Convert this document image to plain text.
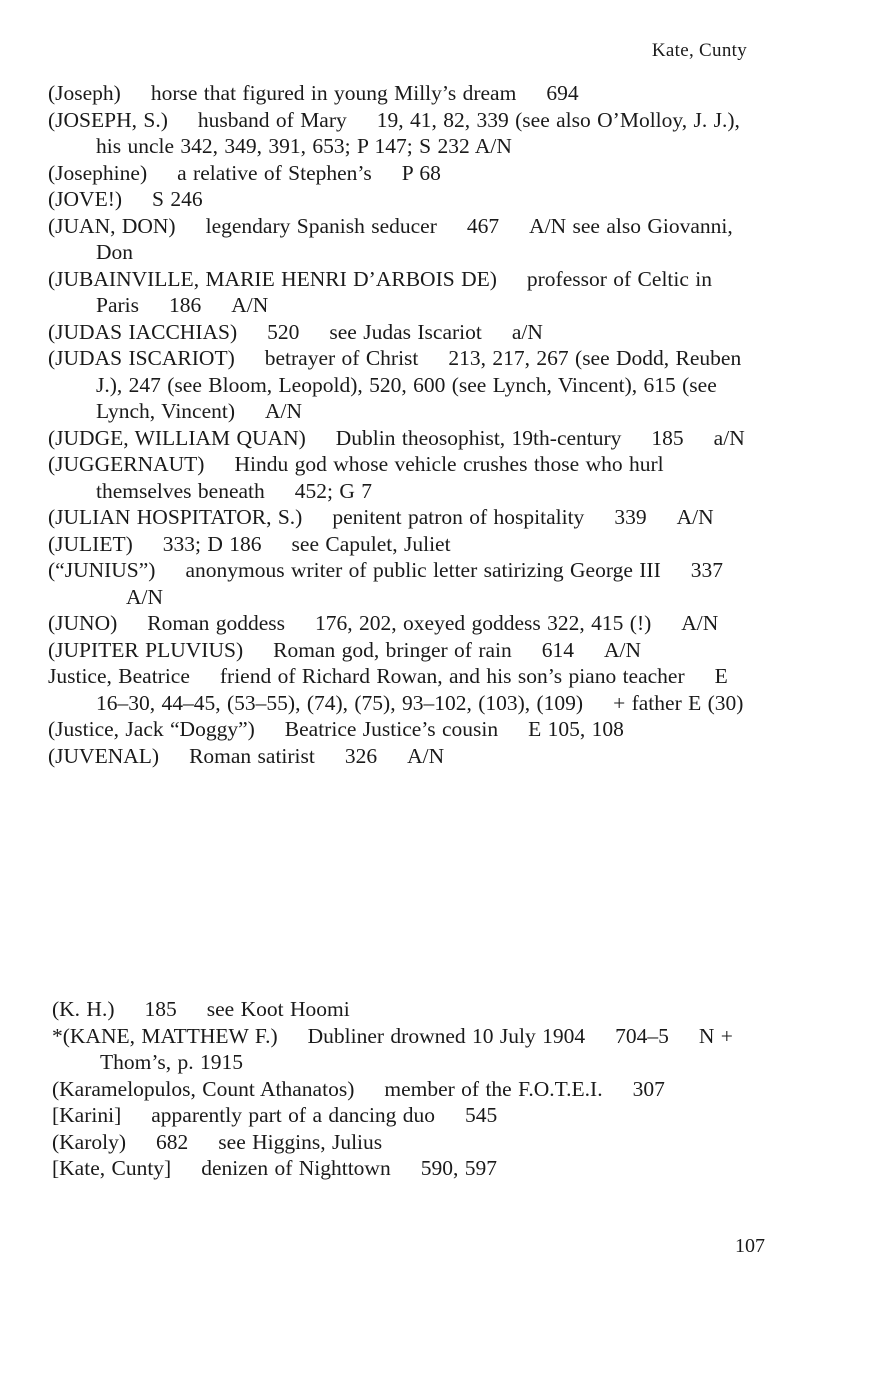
Kate, Cunty
(Joseph) horse that figured in young Milly’s dream 694
(JOSEPH, S.) husband of Mary 19, 41, 82, 339 (see also O’Molloy, J. J.), his uncle 342, 349, 391, 653; P 147; S 232 A/N
(Josephine) a relative of Stephen’s P 68
(JOVE!) S 246
(JUAN, DON) legendary Spanish seducer 467 A/N see also Giovanni, Don
(JUBAINVILLE, MARIE HENRI D’ARBOIS DE) professor of Celtic in Paris 186 A/N
(JUDAS IACCHIAS) 520 see Judas Iscariot a/N
(JUDAS ISCARIOT) betrayer of Christ 213, 217, 267 (see Dodd, Reuben J.), 247 (see Bloom, Leopold), 520, 600 (see Lynch, Vincent), 615 (see Lynch, Vincent) A/N
(JUDGE, WILLIAM QUAN) Dublin theosophist, 19th-century 185 a/N
(JUGGERNAUT) Hindu god whose vehicle crushes those who hurl themselves beneath 452; G 7
(JULIAN HOSPITATOR, S.) penitent patron of hospitality 339 A/N
(JULIET) 333; D 186 see Capulet, Juliet
(“JUNIUS”) anonymous writer of public letter satirizing George III 337A/N
(JUNO) Roman goddess 176, 202, oxeyed goddess 322, 415 (!) A/N
(JUPITER PLUVIUS) Roman god, bringer of rain 614 A/N
Justice, Beatrice friend of Richard Rowan, and his son’s piano teacher E 16–30, 44–45, (53–55), (74), (75), 93–102, (103), (109) + father E (30)
(Justice, Jack “Doggy”) Beatrice Justice’s cousin E 105, 108
(JUVENAL) Roman satirist 326 A/N
(K. H.) 185 see Koot Hoomi
*(KANE, MATTHEW F.) Dubliner drowned 10 July 1904 704–5 N + Thom’s, p. 1915
(Karamelopulos, Count Athanatos) member of the F.O.T.E.I. 307
[Karini] apparently part of a dancing duo 545
(Karoly) 682 see Higgins, Julius
[Kate, Cunty] denizen of Nighttown 590, 597
107
